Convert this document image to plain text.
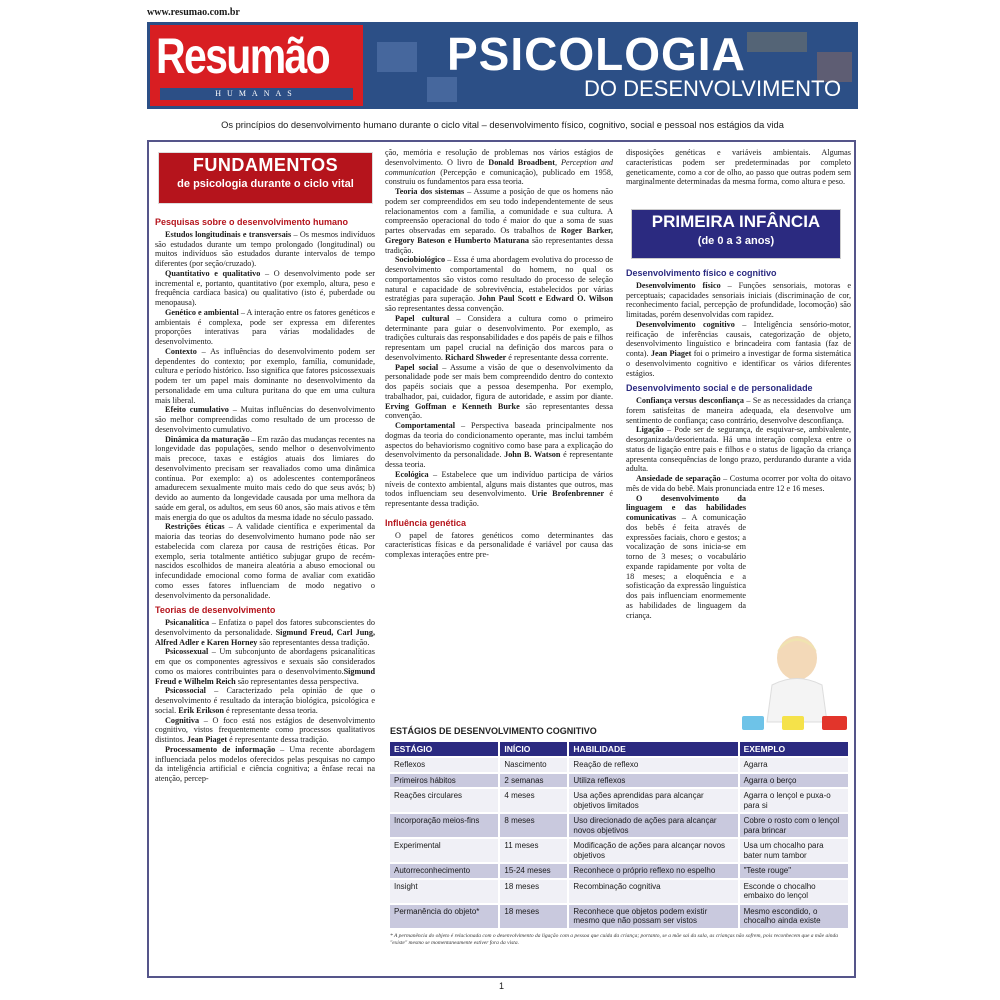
www.resumao.com.br
Resumão
HUMANAS
PSICOLOGIA
DO DESENVOLVIMENTO
Os princípios do desenvolvimento humano durante o ciclo vital – desenvolvimento físico, cognitivo, social e pessoal nos estágios da vida
FUNDAMENTOS
de psicologia durante o ciclo vital
Pesquisas sobre o desenvolvimento humano

Estudos longitudinais e transversais – Os mesmos indivíduos são estudados durante um tempo prolongado (longitudinal) ou muitos indivíduos são estudados durante intervalos de tempo diferentes (por seção/cruzado).

Quantitativo e qualitativo – O desenvolvimento pode ser incremental e, portanto, quantitativo (por exemplo, altura, peso e frequência cardíaca basica) ou qualitativo (isto é, puberdade ou menopausa).

Genético e ambiental – A interação entre os fatores genéticos e ambientais é complexa, pode ser expressa em diferentes proporções interativas para várias modalidades de desenvolvimento.

Contexto – As influências do desenvolvimento podem ser dependentes do contexto; por exemplo, família, comunidade, cultura e período histórico. Isso significa que fatores psicossexuais podem ter um papel mais dominante no desenvolvimento da personalidade em uma cultura puritana do que em uma cultura mais liberal.

Efeito cumulativo – Muitas influências do desenvolvimento são melhor compreendidas como resultado de um processo de desenvolvimento cumulativo.

Dinâmica da maturação – Em razão das mudanças recentes na longevidade das populações, sendo melhor o desenvolvimento mais precoce, taxas e estágios atuais dos limiares do desenvolvimento precisam ser reavaliados como uma dinâmica contínua. Por exemplo: a) os adolescentes contemporâneos amadurecem sexualmente muito mais cedo do que seus avós; b) devido ao aumento da longevidade causada por uma melhora da saúde em geral, os adultos, em seus 60 anos, são mais ativos e têm mais energia do que os adultos da mesma idade no século passado.

Restrições éticas – A validade científica e experimental da maioria das teorias do desenvolvimento humano pode não ser estabelecida com clareza por causa de restrições éticas. Por exemplo, seria totalmente antiético subjugar grupo de recém-nascidos escolhidos de maneira aleatória a abuso emocional ou infecundidade emocional como forma de avaliar com exatidão como esses fatores influenciam de modo negativo o desenvolvimento da personalidade.

Teorias de desenvolvimento

Psicanalítica – Enfatiza o papel dos fatores subconscientes do desenvolvimento da personalidade. Sigmund Freud, Carl Jung, Alfred Adler e Karen Horney são representantes dessa tradição.

Psicossexual – Um subconjunto de abordagens psicanalíticas em que os componentes agressivos e sexuais são considerados como os maiores contribuintes para o desenvolvimento.Sigmund Freud e Wilhelm Reich são representantes dessa perspectiva.

Psicossocial – Caracterizado pela opinião de que o desenvolvimento é resultado da interação biológica, psicológica e social. Erik Erikson é representante dessa teoria.

Cognitiva – O foco está nos estágios de desenvolvimento cognitivo, vistos frequentemente como processos qualitativos distintos. Jean Piaget é representante dessa tradição.

Processamento de informação – Uma recente abordagem influenciada pelos modelos oferecidos pelas pesquisas no campo da inteligência artificial e ciência cognitiva; a ênfase recai na atenção, percep-

ção, memória e resolução de problemas nos vários estágios de desenvolvimento. O livro de Donald Broadbent, Perception and communication (Percepção e comunicação), publicado em 1958, construiu os fundamentos para essa teoria.

Teoria dos sistemas – Assume a posição de que os homens não podem ser compreendidos em seu todo independentemente de seus relacionamentos com a família, a comunidade e sua cultura. A compreensão operacional do todo é maior do que a soma de suas partes observadas em separado. Os trabalhos de Roger Barker, Gregory Bateson e Humberto Maturana são representantes dessa tradição.

Sociobiológico – Essa é uma abordagem evolutiva do processo de desenvolvimento comportamental do homem, no qual os comportamentos são vistos como resultado do processo de seleção natural e capacidade de sobrevivência, estabelecidos por várias estratégias para superação. John Paul Scott e Edward O. Wilson são representantes dessa convenção.

Papel cultural – Considera a cultura como o primeiro determinante para guiar o desenvolvimento. Por exemplo, as tradições culturais das responsabilidades e dos papéis de pais e filhos representam um papel crucial na definição dos marcos para o desenvolvimento. Richard Shweder é representante dessa corrente.

Papel social – Assume a visão de que o desenvolvimento da personalidade pode ser mais bem compreendido dentro do contexto dos papéis sociais que a pessoa desempenha. Por exemplo, trabalhador, pai, cuidador, figura de autoridade, e assim por diante. Erving Goffman e Kenneth Burke são representantes dessa convenção.

Comportamental – Perspectiva baseada principalmente nos dogmas da teoria do condicionamento operante, mas inclui também aspectos do behaviorismo cognitivo como base para a explicação do desenvolvimento da personalidade. John B. Watson é representante dessa teoria.

Ecológica – Estabelece que um indivíduo participa de vários níveis de contexto ambiental, alguns mais distantes que outros, mas todos influenciam seu desenvolvimento. Urie Brofenbrenner é representante dessa tradição.

Influência genética

O papel de fatores genéticos como determinantes das características físicas e da personalidade é variável por causa das complexas interações entre pre-

disposições genéticas e variáveis ambientais. Algumas características podem ser predeterminadas por completo geneticamente, como a cor de olho, ao passo que outras podem sem marginalmente determinadas da mesma forma, como altura e peso.

PRIMEIRA INFÂNCIA
(de 0 a 3 anos)
Desenvolvimento físico e cognitivo

Desenvolvimento físico – Funções sensoriais, motoras e perceptuais; capacidades sensoriais iniciais (discriminação de cor, reconhecimento facial, percepção de profundidade, locomoção) são limitadas, porém desenvolvidas com rapidez.

Desenvolvimento cognitivo – Inteligência sensório-motor, reificação de inferências causais, categorização de objeto, desenvolvimento linguístico e brincadeira com fantasia (faz de conta). Jean Piaget foi o primeiro a investigar de forma sistemática o desenvolvimento cognitivo e identificar os vários diferentes estágios.

Desenvolvimento social e de personalidade

Confiança versus desconfiança – Se as necessidades da criança forem satisfeitas de maneira adequada, ela desenvolve um sentimento de confiança; caso contrário, desenvolve desconfiança.

Ligação – Pode ser de segurança, de esquivar-se, ambivalente, desorganizada/desorientada. Há uma interação complexa entre o status de ligação entre pais e filhos e o status de ligação da criança apresenta consequências de longo prazo, perdurando durante a vida adulta.

Ansiedade de separação – Costuma ocorrer por volta do oitavo mês de vida do bebê. Mais pronunciada entre 12 e 16 meses.

O desenvolvimento da linguagem e das habilidades comunicativas – A comunicação dos bebês é feita através de expressões faciais, choro e gestos; a vocalização de sons inicia-se em torno de 3 meses; o vocabulário expande rapidamente por volta de 18 meses; a eloquência e a sofisticação da expressão linguística dos pais influenciam enormemente as habilidades de linguagem da criança.

ESTÁGIOS DE DESENVOLVIMENTO COGNITIVO
ESTÁGIO	INÍCIO	HABILIDADE	EXEMPLO
Reflexos	Nascimento	Reação de reflexo	Agarra
Primeiros hábitos	2 semanas	Utiliza reflexos	Agarra o berço
Reações circulares	4 meses	Usa ações aprendidas para alcançar objetivos limitados	Agarra o lençol e puxa-o para si
Incorporação meios-fins	8 meses	Uso direcionado de ações para alcançar novos objetivos	Cobre o rosto com o lençol para brincar
Experimental	11 meses	Modificação de ações para alcançar novos objetivos	Usa um chocalho para bater num tambor
Autorreconhecimento	15-24 meses	Reconhece o próprio reflexo no espelho	"Teste rouge"
Insight	18 meses	Recombinação cognitiva	Esconde o chocalho embaixo do lençol
Permanência do objeto*	18 meses	Reconhece que objetos podem existir mesmo que não possam ser vistos	Mesmo escondido, o chocalho ainda existe
* A permanência do objeto é relacionada com o desenvolvimento da ligação com a pessoa que cuida da criança; portanto, se a mãe sai da sala, as crianças não sofrem, pois reconhecem que a mãe ainda "existe" mesmo se momentaneamente estiver fora da vista.
1
